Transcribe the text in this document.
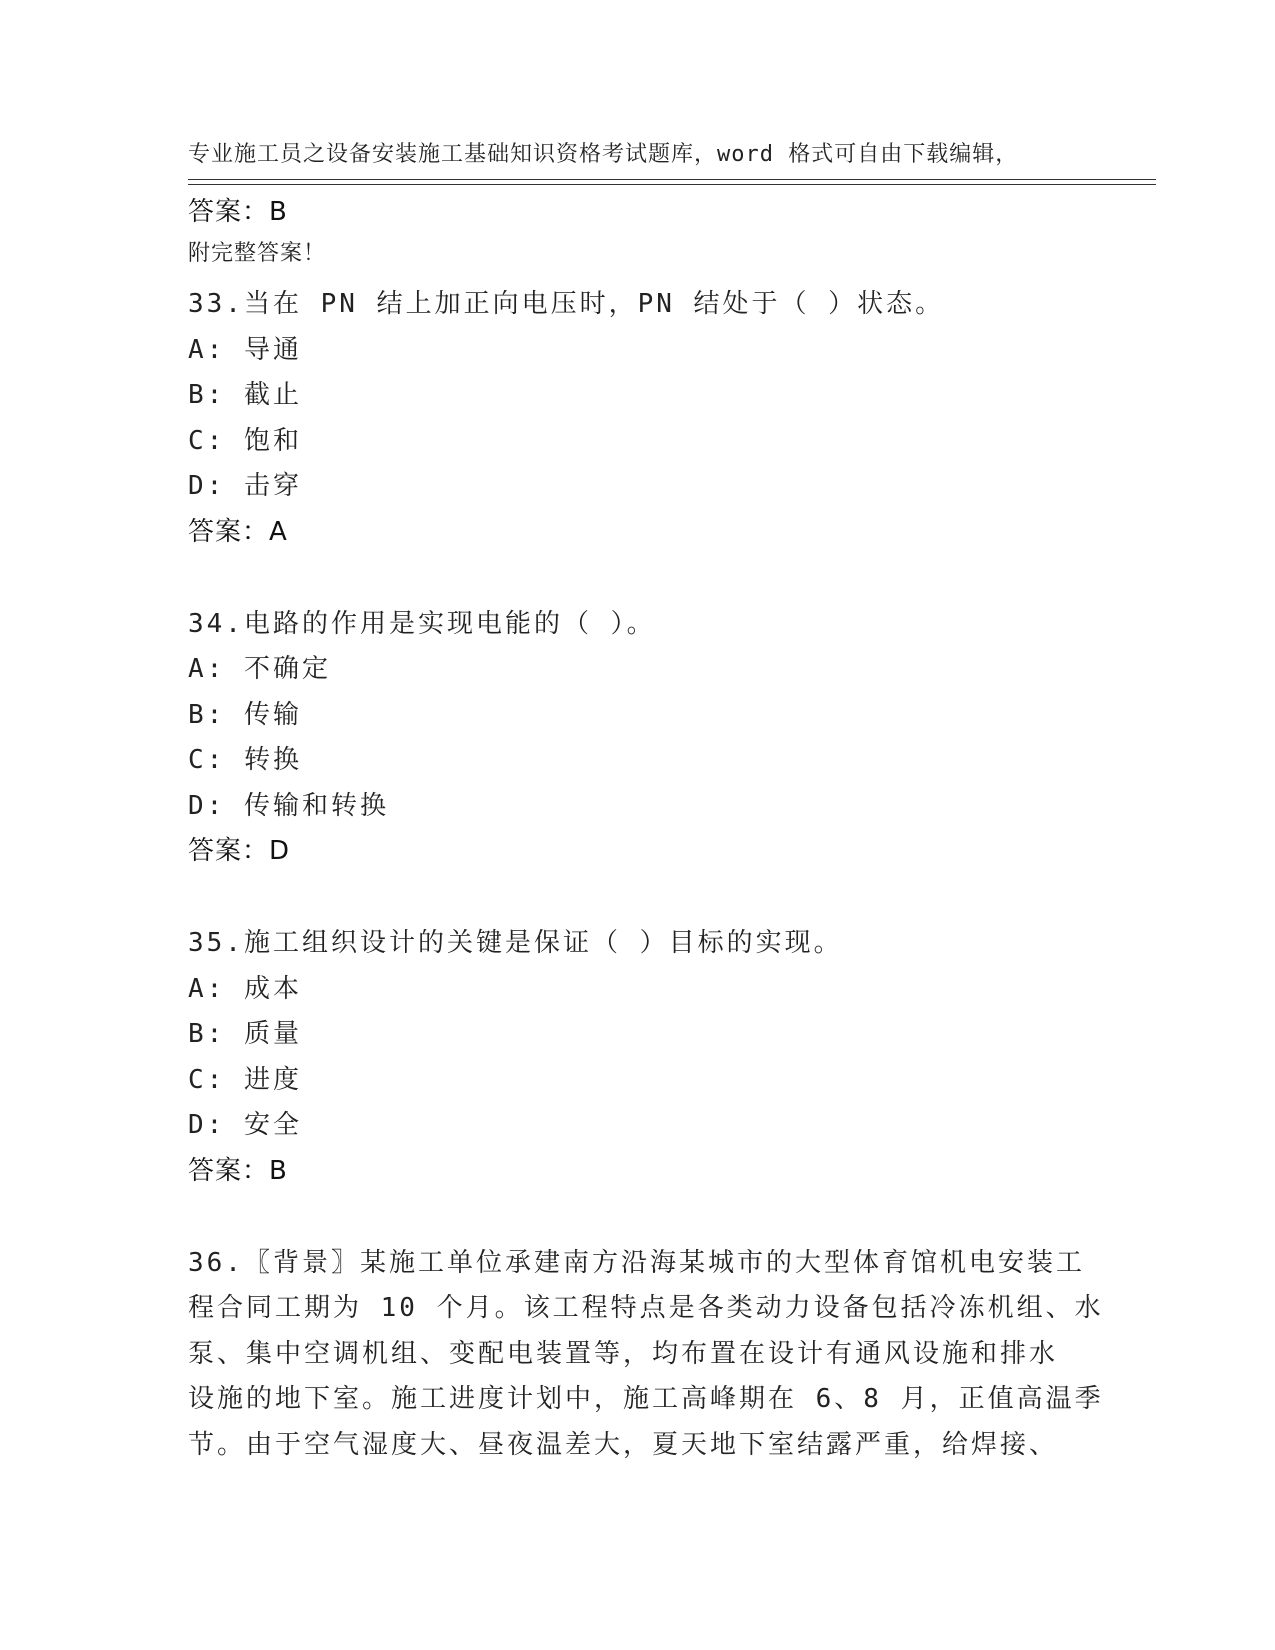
专业施工员之设备安装施工基础知识资格考试题库，word 格式可自由下载编辑，

附完整答案！

答案：B
33.当在 PN 结上加正向电压时，PN 结处于（ ）状态。
A: 导通
B: 截止
C: 饱和
D: 击穿
答案：A
34.电路的作用是实现电能的（ ）。
A: 不确定
B: 传输
C: 转换
D: 传输和转换
答案：D
35.施工组织设计的关键是保证（ ）目标的实现。
A: 成本
B: 质量
C: 进度
D: 安全
答案：B
36.〖背景〗某施工单位承建南方沿海某城市的大型体育馆机电安装工
程合同工期为 10 个月。该工程特点是各类动力设备包括冷冻机组、水
泵、集中空调机组、变配电装置等，均布置在设计有通风设施和排水
设施的地下室。施工进度计划中，施工高峰期在 6、8 月，正值高温季
节。由于空气湿度大、昼夜温差大，夏天地下室结露严重，给焊接、
